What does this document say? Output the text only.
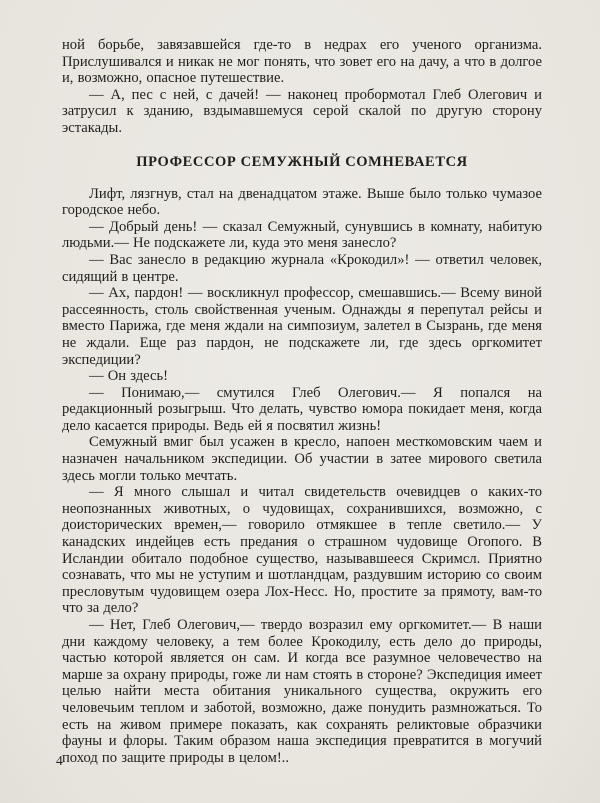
ной борьбе, завязавшейся где-то в недрах его ученого организма. Прислушивался и никак не мог понять, что зовет его на дачу, а что в долгое и, возможно, опасное путешествие.

— А, пес с ней, с дачей! — наконец пробормотал Глеб Олегович и затрусил к зданию, вздымавшемуся серой скалой по другую сторону эстакады.

ПРОФЕССОР СЕМУЖНЫЙ СОМНЕВАЕТСЯ

Лифт, лязгнув, стал на двенадцатом этаже. Выше было только чумазое городское небо.

— Добрый день! — сказал Семужный, сунувшись в комнату, набитую людьми.— Не подскажете ли, куда это меня занесло?

— Вас занесло в редакцию журнала «Крокодил»! — ответил человек, сидящий в центре.

— Ах, пардон! — воскликнул профессор, смешавшись.— Всему виной рассеянность, столь свойственная ученым. Однажды я перепутал рейсы и вместо Парижа, где меня ждали на симпозиум, залетел в Сызрань, где меня не ждали. Еще раз пардон, не подскажете ли, где здесь оргкомитет экспедиции?

— Он здесь!

— Понимаю,— смутился Глеб Олегович.— Я попался на редакционный розыгрыш. Что делать, чувство юмора покидает меня, когда дело касается природы. Ведь ей я посвятил жизнь!

Семужный вмиг был усажен в кресло, напоен месткомовским чаем и назначен начальником экспедиции. Об участии в затее мирового светила здесь могли только мечтать.

— Я много слышал и читал свидетельств очевидцев о каких-то неопознанных животных, о чудовищах, сохранившихся, возможно, с доисторических времен,— говорило отмякшее в тепле светило.— У канадских индейцев есть предания о страшном чудовище Огопого. В Исландии обитало подобное существо, называвшееся Скримсл. Приятно сознавать, что мы не уступим и шотландцам, раздувшим историю со своим пресловутым чудовищем озера Лох-Несс. Но, простите за прямоту, вам-то что за дело?

— Нет, Глеб Олегович,— твердо возразил ему оргкомитет.— В наши дни каждому человеку, а тем более Крокодилу, есть дело до природы, частью которой является он сам. И когда все разумное человечество на марше за охрану природы, гоже ли нам стоять в стороне? Экспедиция имеет целью найти места обитания уникального существа, окружить его человечьим теплом и заботой, возможно, даже понудить размножаться. То есть на живом примере показать, как сохранять реликтовые образчики фауны и флоры. Таким образом наша экспедиция превратится в могучий поход по защите природы в целом!..

4
